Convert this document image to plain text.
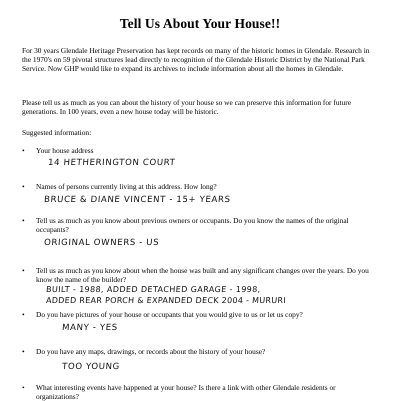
Tell Us About Your House!!
For 30 years Glendale Heritage Preservation has kept records on many of the historic homes in Glendale. Research in the 1970's on 59 pivotal structures lead directly to recognition of the Glendale Historic District by the National Park Service. Now GHP would like to expand its archives to include information about all the homes in Glendale.
Please tell us as much as you can about the history of your house so we can preserve this information for future generations. In 100 years, even a new house today will be historic.
Suggested information:
• Your house address
14 HETHERINGTON COURT
• Names of persons currently living at this address. How long?
BRUCE & DIANE VINCENT - 15+ YEARS
• Tell us as much as you know about previous owners or occupants. Do you know the names of the original occupants?
ORIGINAL OWNERS - US
• Tell us as much as you know about when the house was built and any significant changes over the years. Do you know the name of the builder?
BUILT - 1988, ADDED DETACHED GARAGE - 1998,
ADDED REAR PORCH & EXPANDED DECK 2004 - MURURI
• Do you have pictures of your house or occupants that you would give to us or let us copy?
MANY - YES
• Do you have any maps, drawings, or records about the history of your house?
TOO YOUNG
• What interesting events have happened at your house? Is there a link with other Glendale residents or organizations?
